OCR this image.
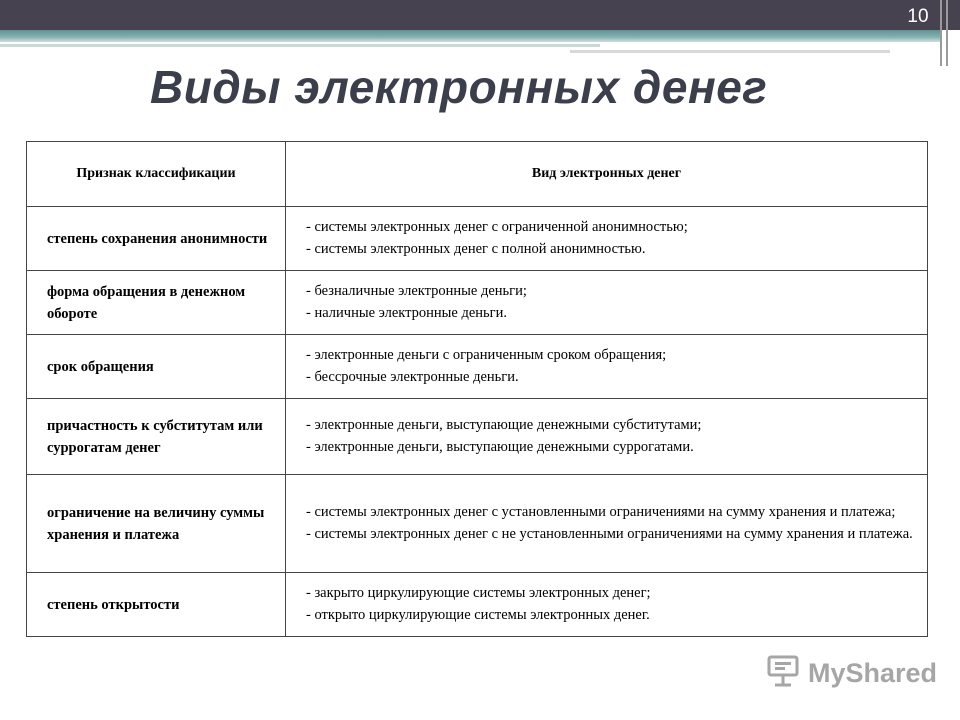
10
Виды электронных денег
Признак классификации	Вид электронных денег
степень сохранения анонимности	- системы электронных денег с ограниченной анонимностью;
- системы электронных денег с полной анонимностью.

форма обращения в денежном обороте	- безналичные электронные деньги;
- наличные электронные деньги.

срок обращения	- электронные деньги с ограниченным сроком обращения;
- бессрочные электронные деньги.

причастность к субститутам или суррогатам денег	- электронные деньги, выступающие денежными субститутами;
- электронные деньги, выступающие денежными суррогатами.

ограничение на величину суммы хранения и платежа	- системы электронных денег с установленными ограничениями на сумму хранения и платежа;
- системы электронных денег с не установленными ограничениями на сумму хранения и платежа.

степень открытости	- закрыто циркулирующие системы электронных денег;
- открыто циркулирующие системы электронных денег.
MyShared
